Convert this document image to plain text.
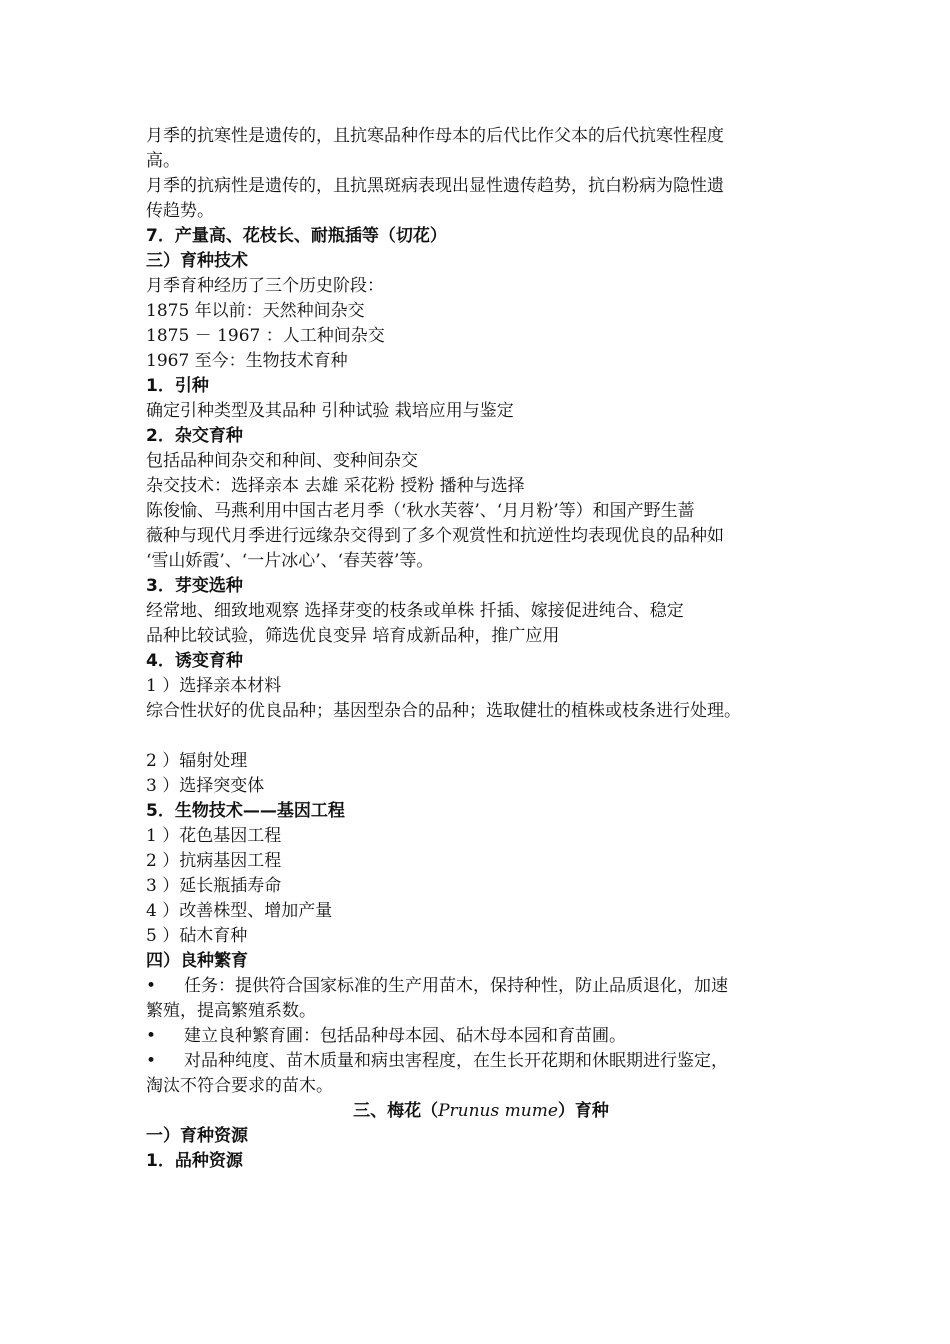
月季的抗寒性是遗传的，且抗寒品种作母本的后代比作父本的后代抗寒性程度
高。
月季的抗病性是遗传的，且抗黑斑病表现出显性遗传趋势，抗白粉病为隐性遗
传趋势。
7．产量高、花枝长、耐瓶插等（切花）
三）育种技术
月季育种经历了三个历史阶段：
1875 年以前：天然种间杂交
1875 － 1967 ：人工种间杂交
1967 至今：生物技术育种
1．引种
确定引种类型及其品种 引种试验 栽培应用与鉴定
2．杂交育种
包括品种间杂交和种间、变种间杂交
杂交技术：选择亲本 去雄 采花粉 授粉 播种与选择
陈俊愉、马燕利用中国古老月季（‘秋水芙蓉’、‘月月粉’等）和国产野生蔷
薇种与现代月季进行远缘杂交得到了多个观赏性和抗逆性均表现优良的品种如
‘雪山娇霞’、‘一片冰心’、‘春芙蓉’等。
3．芽变选种
经常地、细致地观察 选择芽变的枝条或单株 扦插、嫁接促进纯合、稳定
品种比较试验，筛选优良变异 培育成新品种，推广应用
4．诱变育种
1 ）选择亲本材料
综合性状好的优良品种；基因型杂合的品种；选取健壮的植株或枝条进行处理。
2 ）辐射处理
3 ）选择突变体
5．生物技术——基因工程
1 ）花色基因工程
2 ）抗病基因工程
3 ）延长瓶插寿命
4 ）改善株型、增加产量
5 ）砧木育种
四）良种繁育
• 任务：提供符合国家标准的生产用苗木，保持种性，防止品质退化，加速
繁殖，提高繁殖系数。
• 建立良种繁育圃：包括品种母本园、砧木母本园和育苗圃。
• 对品种纯度、苗木质量和病虫害程度，在生长开花期和休眠期进行鉴定，
淘汰不符合要求的苗木。
三、梅花（Prunus mume）育种
一）育种资源
1．品种资源
